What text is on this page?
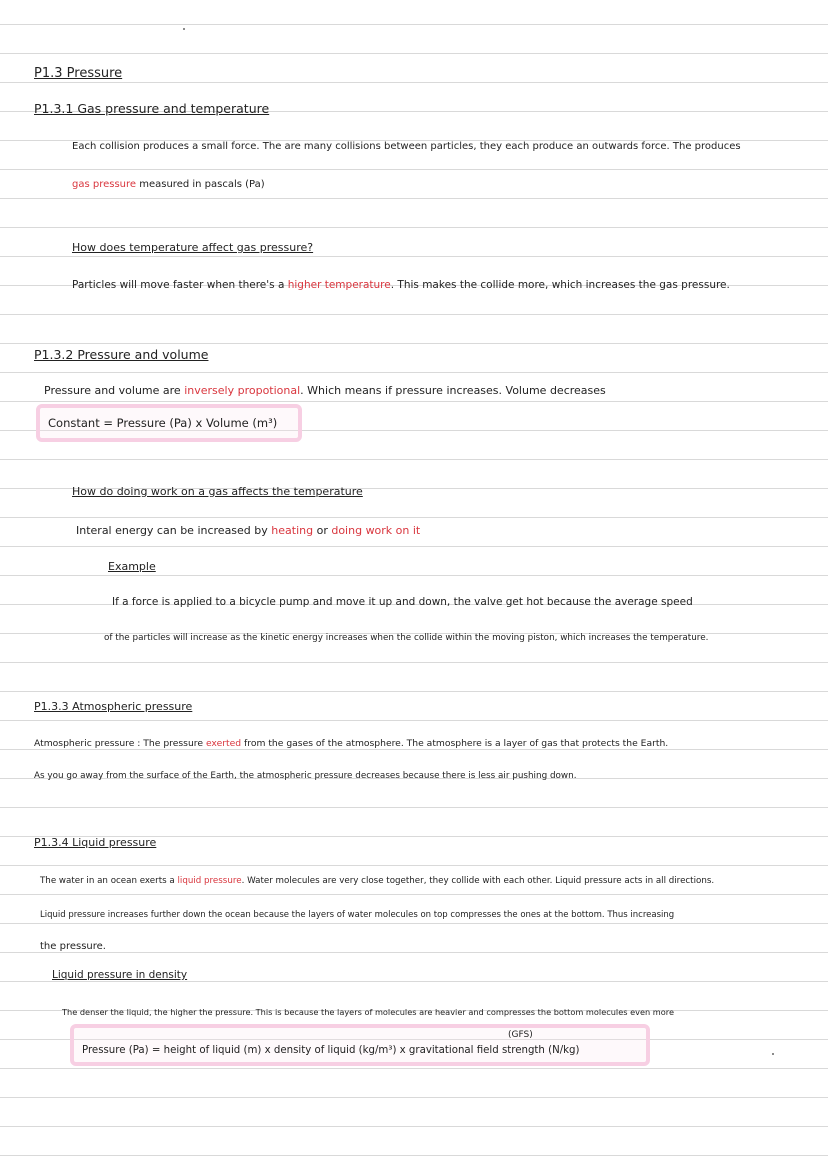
P1.3 Pressure
P1.3.1 Gas pressure and temperature
Each collision produces a small force. The are many collisions between particles, they each produce an outwards force. The produces
gas pressure measured in pascals (Pa)
How does temperature affect gas pressure?
Particles will move faster when there's a higher temperature. This makes the collide more, which increases the gas pressure.
P1.3.2 Pressure and volume
Pressure and volume are inversely propotional. Which means if pressure increases. Volume decreases
Constant = Pressure (Pa) x Volume (m³)
How do doing work on a gas affects the temperature
Interal energy can be increased by heating or doing work on it
Example
If a force is applied to a bicycle pump and move it up and down, the valve get hot because the average speed
of the particles will increase as the kinetic energy increases when the collide within the moving piston, which increases the temperature.
P1.3.3 Atmospheric pressure
Atmospheric pressure : The pressure exerted from the gases of the atmosphere. The atmosphere is a layer of gas that protects the Earth.
As you go away from the surface of the Earth, the atmospheric pressure decreases because there is less air pushing down.
P1.3.4 Liquid pressure
The water in an ocean exerts a liquid pressure. Water molecules are very close together, they collide with each other. Liquid pressure acts in all directions.
Liquid pressure increases further down the ocean because the layers of water molecules on top compresses the ones at the bottom. Thus increasing
the pressure.
Liquid pressure in density
The denser the liquid, the higher the pressure. This is because the layers of molecules are heavier and compresses the bottom molecules even more
(GFS)
Pressure (Pa) = height of liquid (m) x density of liquid (kg/m³) x gravitational field strength (N/kg)
